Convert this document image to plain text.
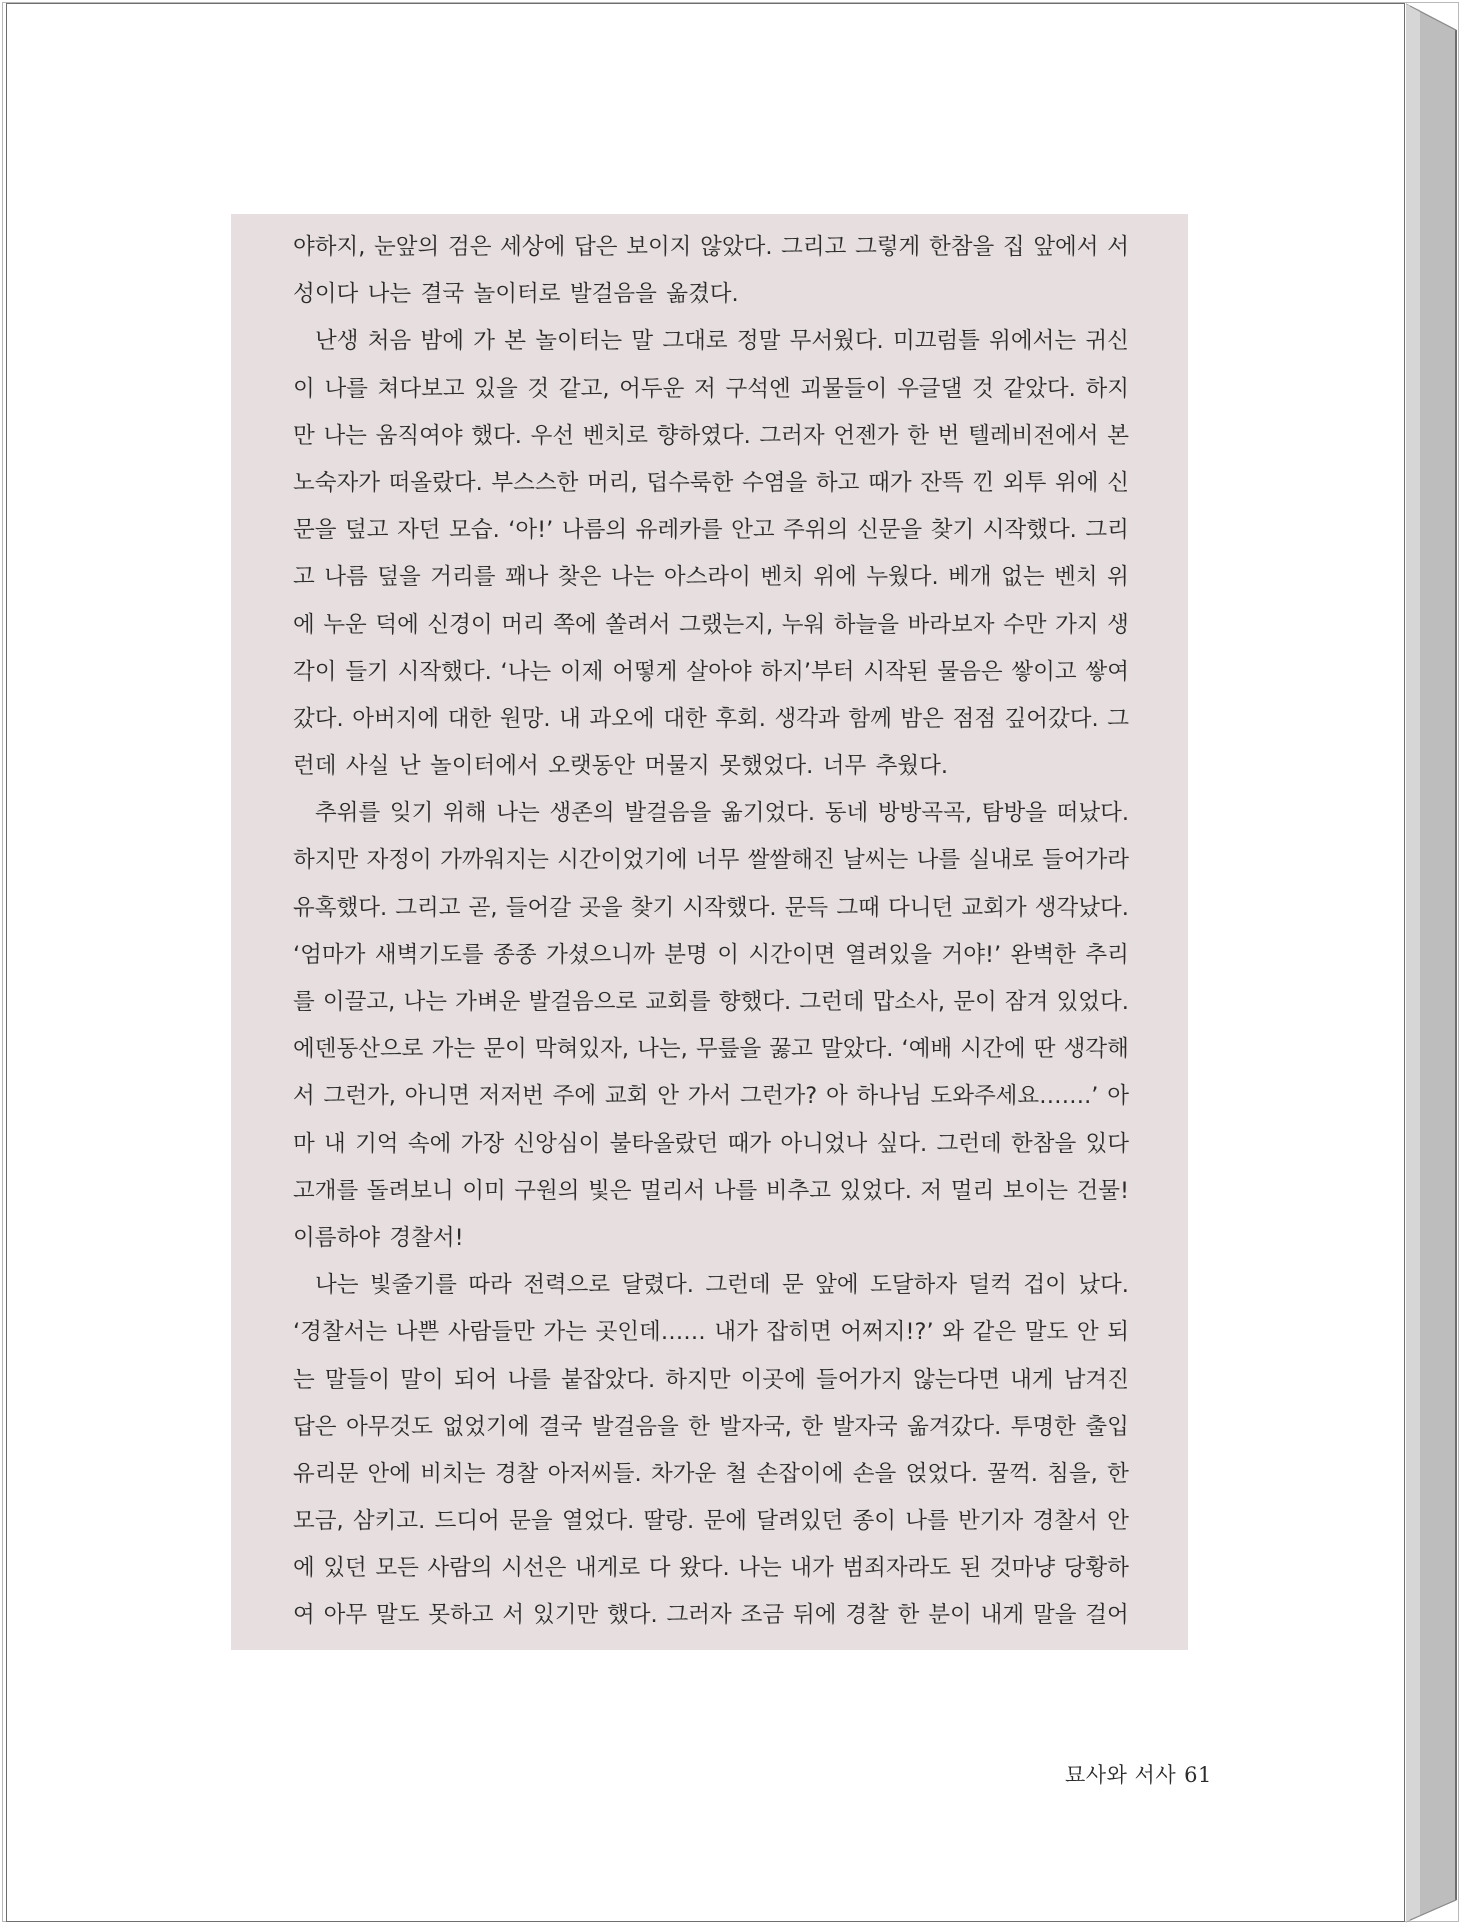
야하지, 눈앞의 검은 세상에 답은 보이지 않았다. 그리고 그렇게 한참을 집 앞에서 서
성이다 나는 결국 놀이터로 발걸음을 옮겼다.
난생 처음 밤에 가 본 놀이터는 말 그대로 정말 무서웠다. 미끄럼틀 위에서는 귀신
이 나를 쳐다보고 있을 것 같고, 어두운 저 구석엔 괴물들이 우글댈 것 같았다. 하지
만 나는 움직여야 했다. 우선 벤치로 향하였다. 그러자 언젠가 한 번 텔레비전에서 본
노숙자가 떠올랐다. 부스스한 머리, 덥수룩한 수염을 하고 때가 잔뜩 낀 외투 위에 신
문을 덮고 자던 모습. ‘아!’ 나름의 유레카를 안고 주위의 신문을 찾기 시작했다. 그리
고 나름 덮을 거리를 꽤나 찾은 나는 아스라이 벤치 위에 누웠다. 베개 없는 벤치 위
에 누운 덕에 신경이 머리 쪽에 쏠려서 그랬는지, 누워 하늘을 바라보자 수만 가지 생
각이 들기 시작했다. ‘나는 이제 어떻게 살아야 하지’부터 시작된 물음은 쌓이고 쌓여
갔다. 아버지에 대한 원망. 내 과오에 대한 후회. 생각과 함께 밤은 점점 깊어갔다. 그
런데 사실 난 놀이터에서 오랫동안 머물지 못했었다. 너무 추웠다.
추위를 잊기 위해 나는 생존의 발걸음을 옮기었다. 동네 방방곡곡, 탐방을 떠났다.
하지만 자정이 가까워지는 시간이었기에 너무 쌀쌀해진 날씨는 나를 실내로 들어가라
유혹했다. 그리고 곧, 들어갈 곳을 찾기 시작했다. 문득 그때 다니던 교회가 생각났다.
‘엄마가 새벽기도를 종종 가셨으니까 분명 이 시간이면 열려있을 거야!’ 완벽한 추리
를 이끌고, 나는 가벼운 발걸음으로 교회를 향했다. 그런데 맙소사, 문이 잠겨 있었다.
에덴동산으로 가는 문이 막혀있자, 나는, 무릎을 꿇고 말았다. ‘예배 시간에 딴 생각해
서 그런가, 아니면 저저번 주에 교회 안 가서 그런가? 아 하나님 도와주세요…….’ 아
마 내 기억 속에 가장 신앙심이 불타올랐던 때가 아니었나 싶다. 그런데 한참을 있다
고개를 돌려보니 이미 구원의 빛은 멀리서 나를 비추고 있었다. 저 멀리 보이는 건물!
이름하야 경찰서!
나는 빛줄기를 따라 전력으로 달렸다. 그런데 문 앞에 도달하자 덜컥 겁이 났다.
‘경찰서는 나쁜 사람들만 가는 곳인데…… 내가 잡히면 어쩌지!?’ 와 같은 말도 안 되
는 말들이 말이 되어 나를 붙잡았다. 하지만 이곳에 들어가지 않는다면 내게 남겨진
답은 아무것도 없었기에 결국 발걸음을 한 발자국, 한 발자국 옮겨갔다. 투명한 출입
유리문 안에 비치는 경찰 아저씨들. 차가운 철 손잡이에 손을 얹었다. 꿀꺽. 침을, 한
모금, 삼키고. 드디어 문을 열었다. 딸랑. 문에 달려있던 종이 나를 반기자 경찰서 안
에 있던 모든 사람의 시선은 내게로 다 왔다. 나는 내가 범죄자라도 된 것마냥 당황하
여 아무 말도 못하고 서 있기만 했다. 그러자 조금 뒤에 경찰 한 분이 내게 말을 걸어
묘사와 서사 61
